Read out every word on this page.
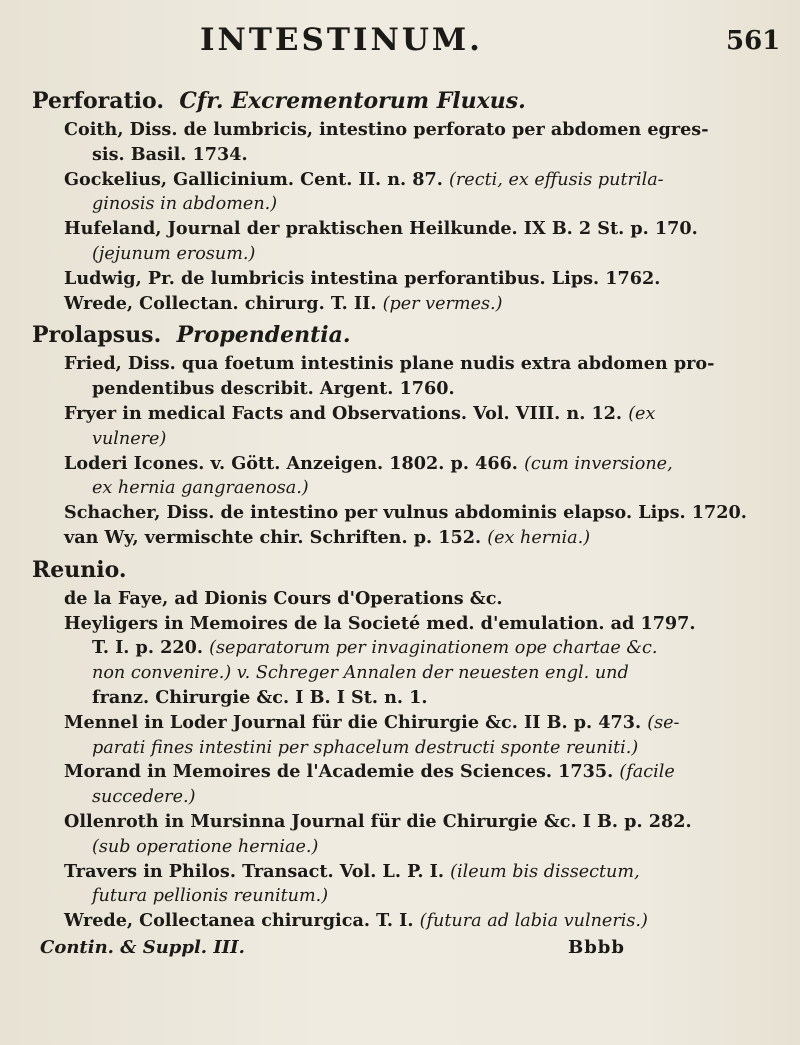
INTESTINUM.	561
Perforatio. Cfr. Excrementorum Fluxus.
Coith, Diss. de lumbricis, intestino perforato per abdomen egres-
sis. Basil. 1734.
Gockelius, Gallicinium. Cent. II. n. 87. (recti, ex effusis putrila-
ginosis in abdomen.)
Hufeland, Journal der praktischen Heilkunde. IX B. 2 St. p. 170.
(jejunum erosum.)
Ludwig, Pr. de lumbricis intestina perforantibus. Lips. 1762.
Wrede, Collectan. chirurg. T. II. (per vermes.)
Prolapsus. Propendentia.
Fried, Diss. qua foetum intestinis plane nudis extra abdomen pro-
pendentibus describit. Argent. 1760.
Fryer in medical Facts and Observations. Vol. VIII. n. 12. (ex
vulnere)
Loderi Icones. v. Gött. Anzeigen. 1802. p. 466. (cum inversione,
ex hernia gangraenosa.)
Schacher, Diss. de intestino per vulnus abdominis elapso. Lips. 1720.
van Wy, vermischte chir. Schriften. p. 152. (ex hernia.)
Reunio.
de la Faye, ad Dionis Cours d'Operations &c.
Heyligers in Memoires de la Societé med. d'emulation. ad 1797.
T. I. p. 220. (separatorum per invaginationem ope chartae &c.
non convenire.) v. Schreger Annalen der neuesten engl. und
franz. Chirurgie &c. I B. I St. n. 1.
Mennel in Loder Journal für die Chirurgie &c. II B. p. 473. (se-
parati fines intestini per sphacelum destructi sponte reuniti.)
Morand in Memoires de l'Academie des Sciences. 1735. (facile
succedere.)
Ollenroth in Mursinna Journal für die Chirurgie &c. I B. p. 282.
(sub operatione herniae.)
Travers in Philos. Transact. Vol. L. P. I. (ileum bis dissectum,
futura pellionis reunitum.)
Wrede, Collectanea chirurgica. T. I. (futura ad labia vulneris.)
Contin. & Suppl. III.	Bbbb
